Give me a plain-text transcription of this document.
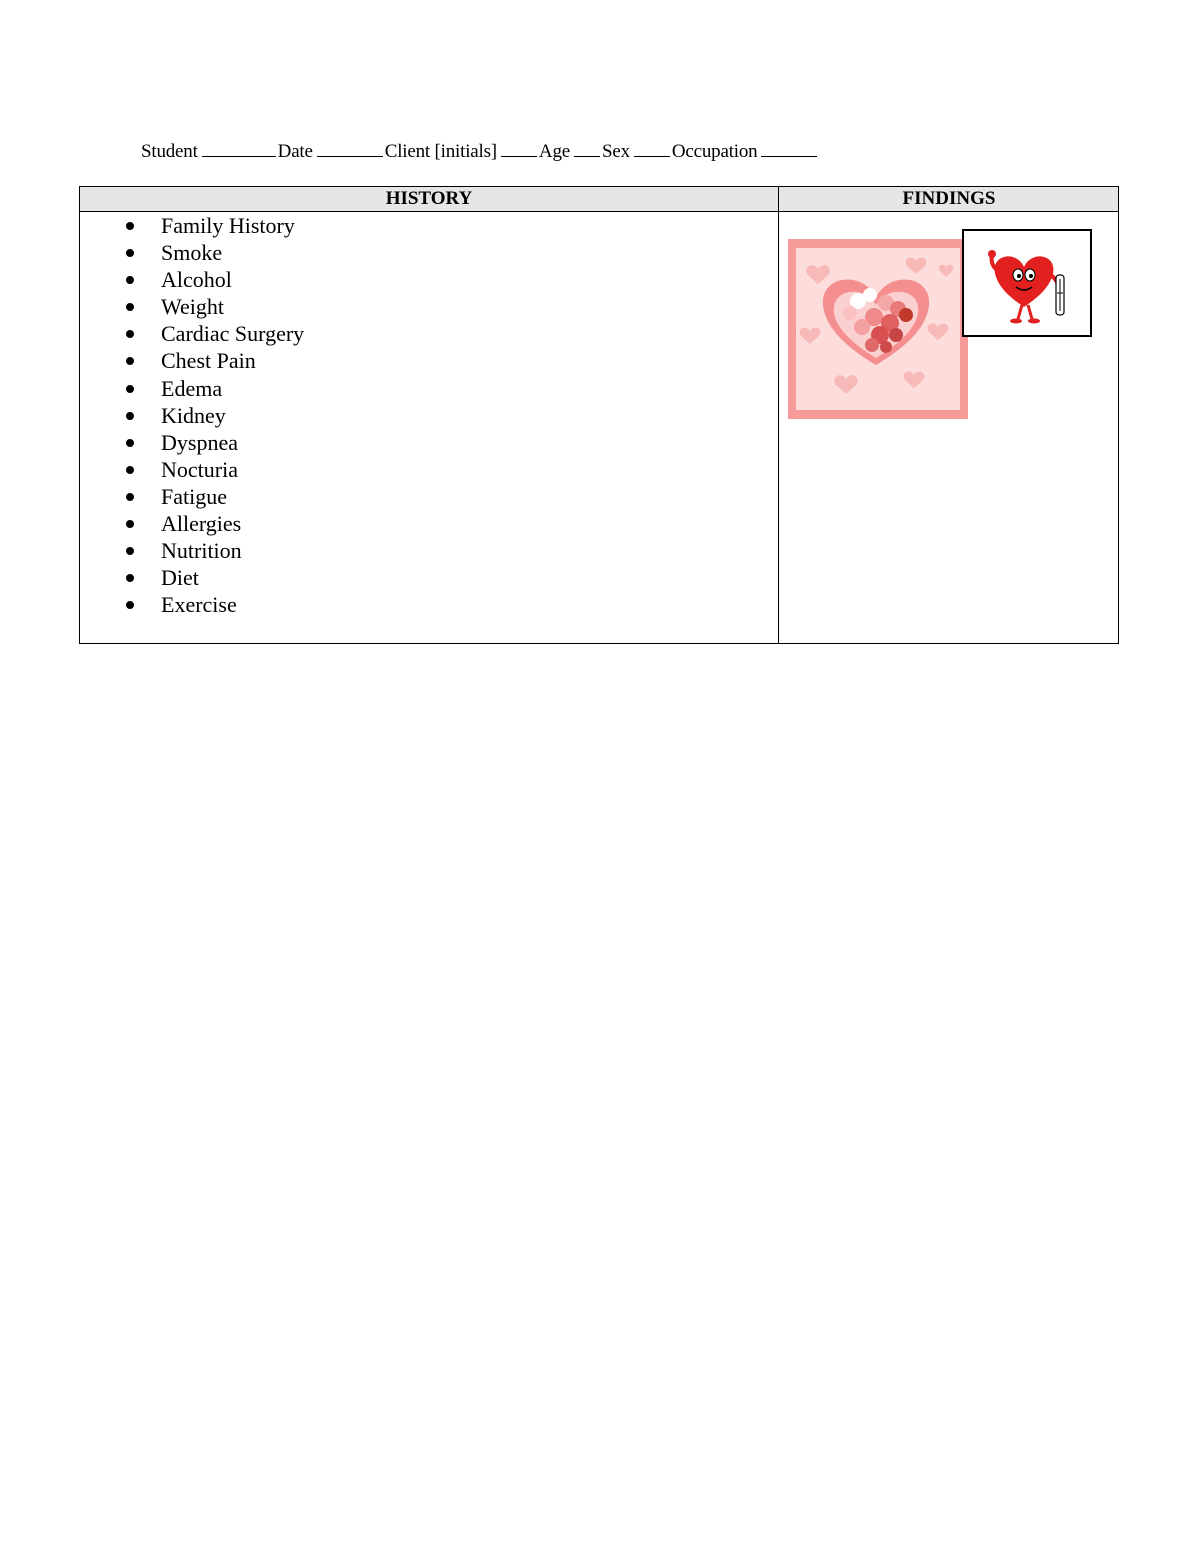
Student	Date	Client [initials] Age Sex Occupation
HISTORY	FINDINGS
Family History
Smoke
Alcohol
Weight
Cardiac Surgery
Chest Pain
Edema
Kidney
Dyspnea
Nocturia
Fatigue
Allergies
Nutrition
Diet
Exercise
